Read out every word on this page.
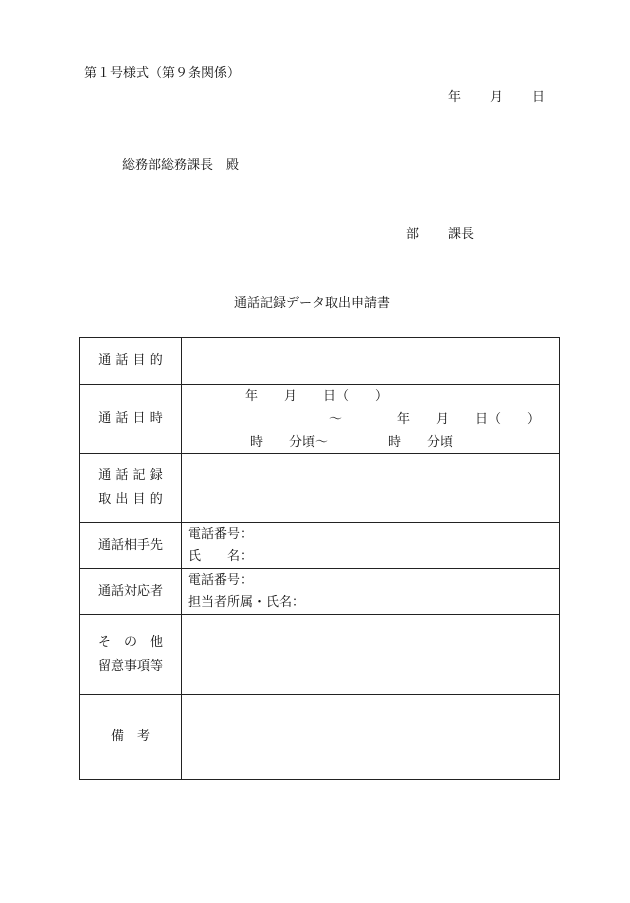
第１号様式（第９条関係）
年 月 日
総務部総務課長　殿
部 課長
通話記録データ取出申請書
通 話 目 的	
通 話 日 時	年　　月　　日（　　）
～ 年　　月　　日（　　）
時　　分頃～ 時　　分頃

通 話 記 録
取 出 目 的	

通話相手先	電話番号：
氏　　名：

通話対応者	電話番号：
担当者所属・氏名：

そ　の　他
留意事項等	

備　考	
